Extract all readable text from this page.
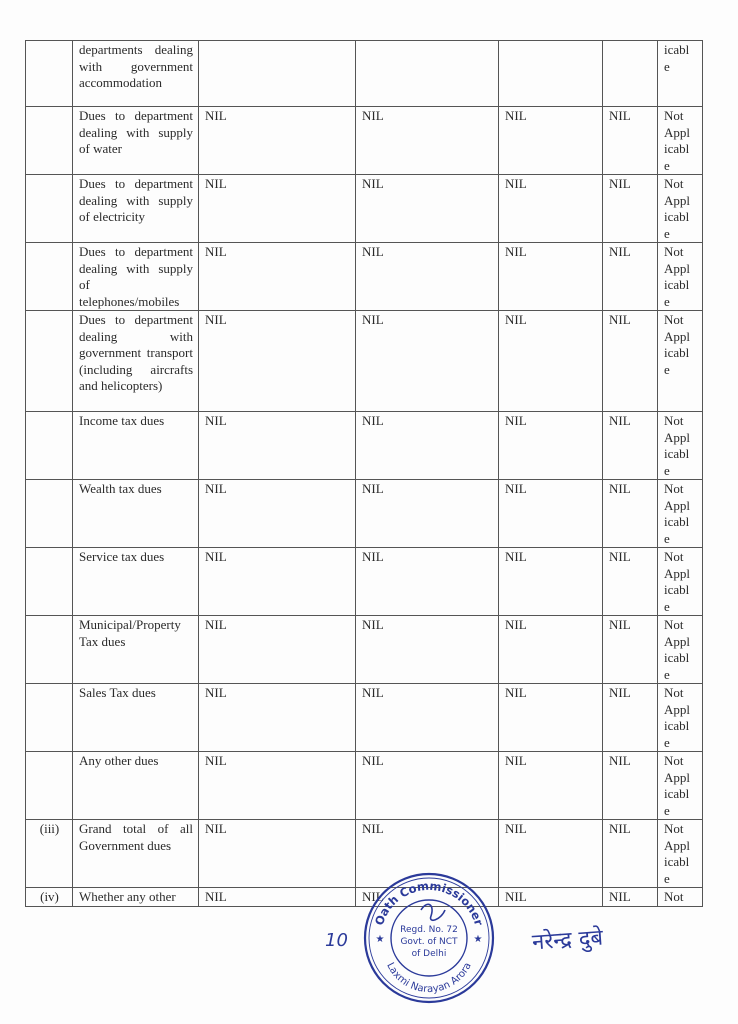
	departments dealing with government accommodation					icabl
e

	Dues to department dealing with supply of water	NIL	NIL	NIL	NIL	Not
Appl
icabl
e

	Dues to department dealing with supply of electricity	NIL	NIL	NIL	NIL	Not
Appl
icabl
e

	Dues to department dealing with supply of telephones/mobiles	NIL	NIL	NIL	NIL	Not
Appl
icabl
e

	Dues to department dealing with government transport (including aircrafts and helicopters)	NIL	NIL	NIL	NIL	Not
Appl
icabl
e

	Income tax dues	NIL	NIL	NIL	NIL	Not
Appl
icabl
e

	Wealth tax dues	NIL	NIL	NIL	NIL	Not
Appl
icabl
e

	Service tax dues	NIL	NIL	NIL	NIL	Not
Appl
icabl
e

	Municipal/Property Tax dues	NIL	NIL	NIL	NIL	Not
Appl
icabl
e

	Sales Tax dues	NIL	NIL	NIL	NIL	Not
Appl
icabl
e

	Any other dues	NIL	NIL	NIL	NIL	Not
Appl
icabl
e

(iii)	Grand total of all Government dues	NIL	NIL	NIL	NIL	Not
Appl
icabl
e

(iv)	Whether any other	NIL	NIL	NIL	NIL	Not
10
Oath Commissioner
Laxmi Narayan Arora
Regd. No. 72
Govt. of NCT
of Delhi
★	★ नरेन्द्र दुबे
